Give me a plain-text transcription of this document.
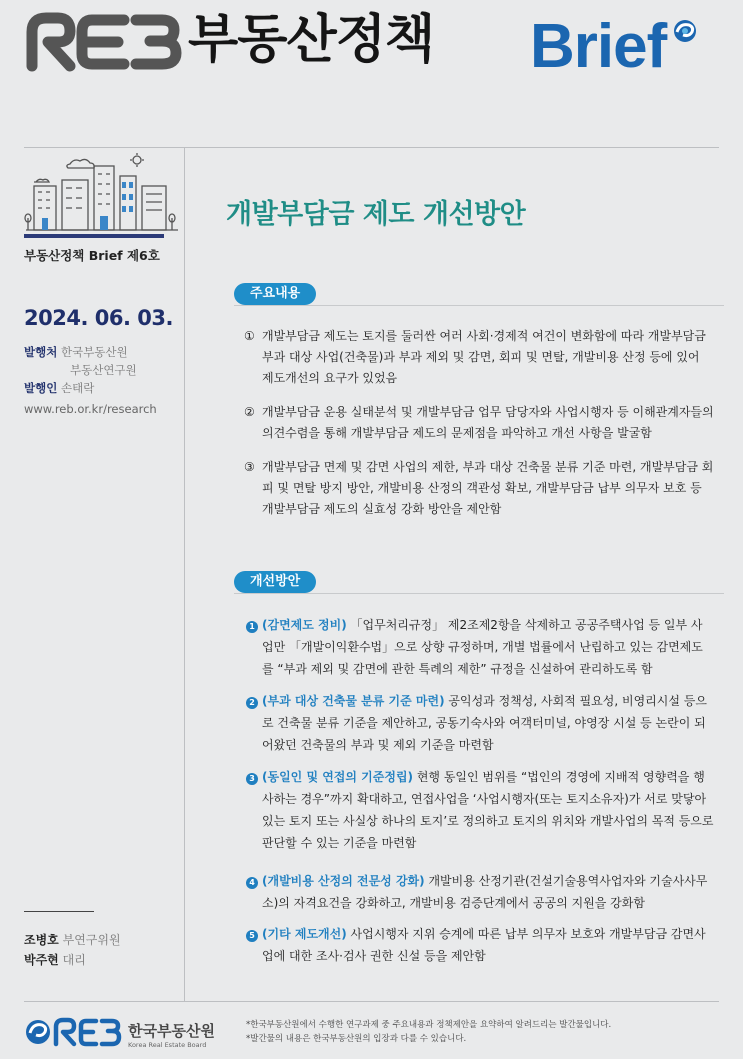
REB	부동산정책 Brief
부동산정책 Brief 제6호
2024. 06. 03.
발행처 한국부동산원
부동산연구원
발행인 손태락
www.reb.or.kr/research
조병호 부연구위원
박주현 대리
개발부담금 제도 개선방안
주요내용

① 개발부담금 제도는 토지를 둘러싼 여러 사회·경제적 여건이 변화함에 따라 개발부담금 부과 대상 사업(건축물)과 부과 제외 및 감면, 회피 및 면탈, 개발비용 산정 등에 있어 제도개선의 요구가 있었음

② 개발부담금 운용 실태분석 및 개발부담금 업무 담당자와 사업시행자 등 이해관계자들의 의견수렴을 통해 개발부담금 제도의 문제점을 파악하고 개선 사항을 발굴함

③ 개발부담금 면제 및 감면 사업의 제한, 부과 대상 건축물 분류 기준 마련, 개발부담금 회피 및 면탈 방지 방안, 개발비용 산정의 객관성 확보, 개발부담금 납부 의무자 보호 등 개발부담금 제도의 실효성 강화 방안을 제안함

개선방안

1 (감면제도 정비) 「업무처리규정」 제2조제2항을 삭제하고 공공주택사업 등 일부 사업만 「개발이익환수법」으로 상향 규정하며, 개별 법률에서 난립하고 있는 감면제도를 “부과 제외 및 감면에 관한 특례의 제한” 규정을 신설하여 관리하도록 함

2 (부과 대상 건축물 분류 기준 마련) 공익성과 정책성, 사회적 필요성, 비영리시설 등으로 건축물 분류 기준을 제안하고, 공동기숙사와 여객터미널, 야영장 시설 등 논란이 되어왔던 건축물의 부과 및 제외 기준을 마련함

3 (동일인 및 연접의 기준정립) 현행 동일인 범위를 “법인의 경영에 지배적 영향력을 행사하는 경우”까지 확대하고, 연접사업을 ‘사업시행자(또는 토지소유자)가 서로 맞닿아 있는 토지 또는 사실상 하나의 토지’로 정의하고 토지의 위치와 개발사업의 목적 등으로 판단할 수 있는 기준을 마련함

4 (개발비용 산정의 전문성 강화) 개발비용 산정기관(건설기술용역사업자와 기술사사무소)의 자격요건을 강화하고, 개발비용 검증단계에서 공공의 지원을 강화함

5 (기타 제도개선) 사업시행자 지위 승계에 따른 납부 의무자 보호와 개발부담금 감면사업에 대한 조사·검사 권한 신설 등을 제안함

한국부동산원
Korea Real Estate Board
*한국부동산원에서 수행한 연구과제 중 주요내용과 정책제안을 요약하여 알려드리는 발간물입니다.
*발간물의 내용은 한국부동산원의 입장과 다를 수 있습니다.
